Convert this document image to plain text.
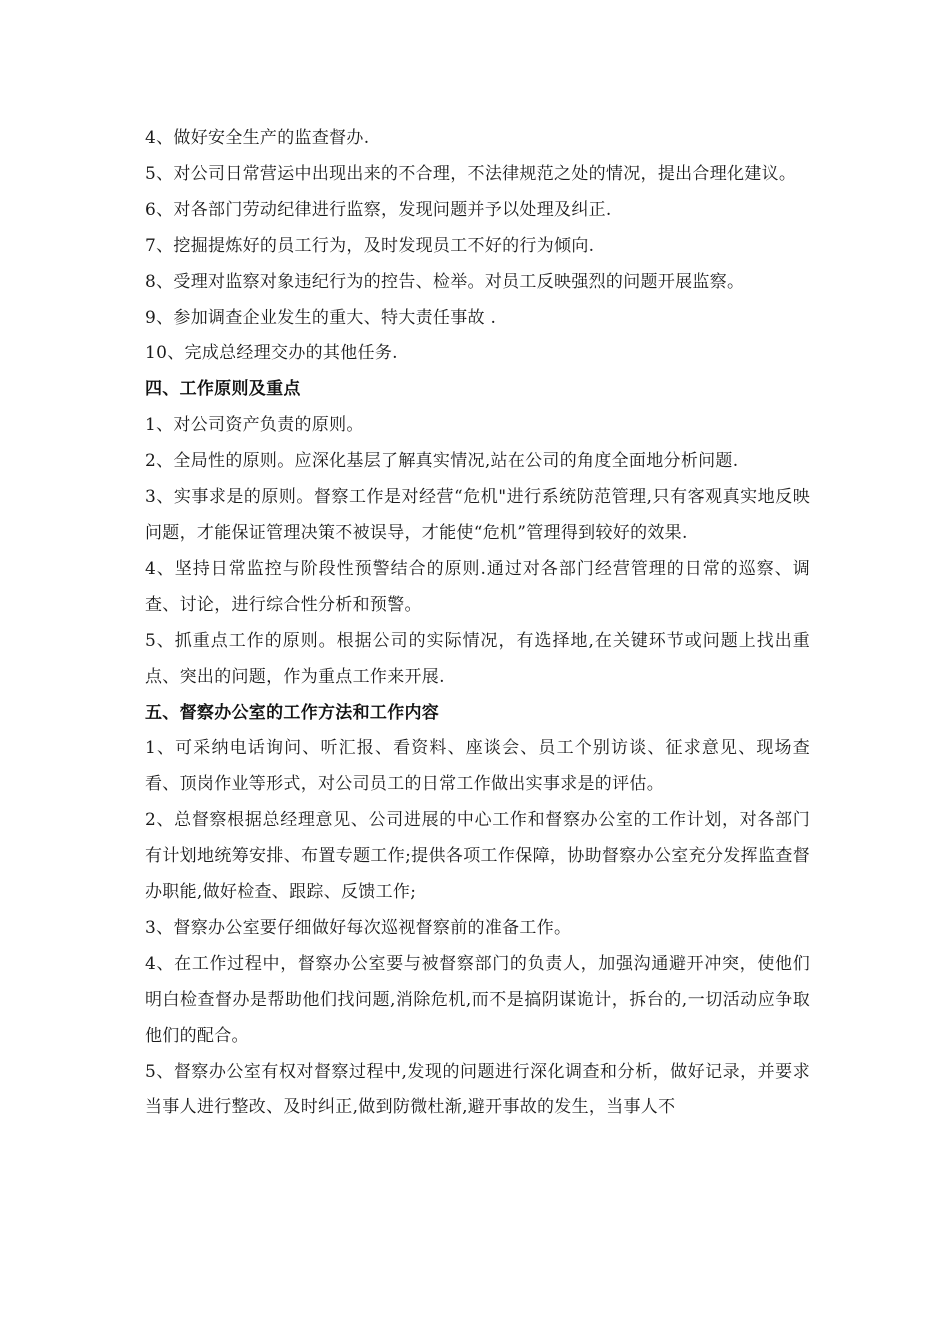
4、做好安全生产的监查督办.

5、对公司日常营运中出现出来的不合理，不法律规范之处的情况，提出合理化建议。

6、对各部门劳动纪律进行监察，发现问题并予以处理及纠正.

7、挖掘提炼好的员工行为，及时发现员工不好的行为倾向.

8、受理对监察对象违纪行为的控告、检举。对员工反映强烈的问题开展监察。

9、参加调查企业发生的重大、特大责任事故 .

10、完成总经理交办的其他任务.

四、工作原则及重点

1、对公司资产负责的原则。

2、全局性的原则。应深化基层了解真实情况,站在公司的角度全面地分析问题.

3、实事求是的原则。督察工作是对经营“危机"进行系统防范管理,只有客观真实地反映问题，才能保证管理决策不被误导，才能使“危机”管理得到较好的效果.

4、坚持日常监控与阶段性预警结合的原则.通过对各部门经营管理的日常的巡察、调查、讨论，进行综合性分析和预警。

5、抓重点工作的原则。根据公司的实际情况，有选择地,在关键环节或问题上找出重点、突出的问题，作为重点工作来开展.

五、督察办公室的工作方法和工作内容

1、可采纳电话询问、听汇报、看资料、座谈会、员工个别访谈、征求意见、现场查看、顶岗作业等形式，对公司员工的日常工作做出实事求是的评估。

2、总督察根据总经理意见、公司进展的中心工作和督察办公室的工作计划，对各部门有计划地统筹安排、布置专题工作;提供各项工作保障，协助督察办公室充分发挥监查督办职能,做好检查、跟踪、反馈工作;

3、督察办公室要仔细做好每次巡视督察前的准备工作。

4、在工作过程中，督察办公室要与被督察部门的负责人，加强沟通避开冲突，使他们明白检查督办是帮助他们找问题,消除危机,而不是搞阴谋诡计，拆台的,一切活动应争取他们的配合。

5、督察办公室有权对督察过程中,发现的问题进行深化调查和分析，做好记录，并要求当事人进行整改、及时纠正,做到防微杜渐,避开事故的发生，当事人不
